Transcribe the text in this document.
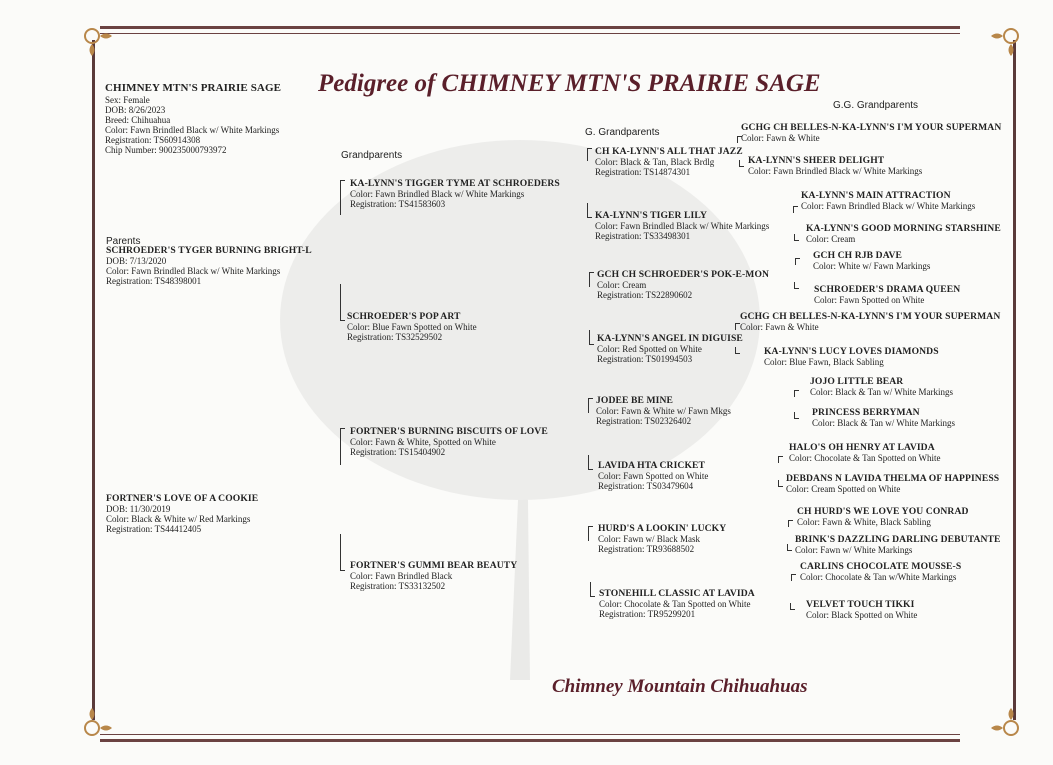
Pedigree of CHIMNEY MTN'S PRAIRIE SAGE
Chimney Mountain Chihuahuas
Parents
Grandparents
G. Grandparents
G.G. Grandparents
CHIMNEY MTN'S PRAIRIE SAGE
Sex: Female
DOB: 8/26/2023
Breed: Chihuahua
Color: Fawn Brindled Black w/ White Markings
Registration: TS60914308
Chip Number: 900235000793972
SCHROEDER'S TYGER BURNING BRIGHT-L
DOB: 7/13/2020
Color: Fawn Brindled Black w/ White Markings
Registration: TS48398001
FORTNER'S LOVE OF A COOKIE
DOB: 11/30/2019
Color: Black & White w/ Red Markings
Registration: TS44412405
KA-LYNN'S TIGGER TYME AT SCHROEDERS
Color: Fawn Brindled Black w/ White Markings
Registration: TS41583603
SCHROEDER'S POP ART
Color: Blue Fawn Spotted on White
Registration: TS32529502
FORTNER'S BURNING BISCUITS OF LOVE
Color: Fawn & White, Spotted on White
Registration: TS15404902
FORTNER'S GUMMI BEAR BEAUTY
Color: Fawn Brindled Black
Registration: TS33132502
CH KA-LYNN'S ALL THAT JAZZ
Color: Black & Tan, Black Brdlg
Registration: TS14874301
KA-LYNN'S TIGER LILY
Color: Fawn Brindled Black w/ White Markings
Registration: TS33498301
GCH CH SCHROEDER'S POK-E-MON
Color: Cream
Registration: TS22890602
KA-LYNN'S ANGEL IN DIGUISE
Color: Red Spotted on White
Registration: TS01994503
JODEE BE MINE
Color: Fawn & White w/ Fawn Mkgs
Registration: TS02326402
LAVIDA HTA CRICKET
Color: Fawn Spotted on White
Registration: TS03479604
HURD'S A LOOKIN' LUCKY
Color: Fawn w/ Black Mask
Registration: TR93688502
STONEHILL CLASSIC AT LAVIDA
Color: Chocolate & Tan Spotted on White
Registration: TR95299201
GCHG CH BELLES-N-KA-LYNN'S I'M YOUR SUPERMAN
Color: Fawn & White
KA-LYNN'S SHEER DELIGHT
Color: Fawn Brindled Black w/ White Markings
KA-LYNN'S MAIN ATTRACTION
Color: Fawn Brindled Black w/ White Markings
KA-LYNN'S GOOD MORNING STARSHINE
Color: Cream
GCH CH RJB DAVE
Color: White w/ Fawn Markings
SCHROEDER'S DRAMA QUEEN
Color: Fawn Spotted on White
GCHG CH BELLES-N-KA-LYNN'S I'M YOUR SUPERMAN
Color: Fawn & White
KA-LYNN'S LUCY LOVES DIAMONDS
Color: Blue Fawn, Black Sabling
JOJO LITTLE BEAR
Color: Black & Tan w/ White Markings
PRINCESS BERRYMAN
Color: Black & Tan w/ White Markings
HALO'S OH HENRY AT LAVIDA
Color: Chocolate & Tan Spotted on White
DEBDANS N LAVIDA THELMA OF HAPPINESS
Color: Cream Spotted on White
CH HURD'S WE LOVE YOU CONRAD
Color: Fawn & White, Black Sabling
BRINK'S DAZZLING DARLING DEBUTANTE
Color: Fawn w/ White Markings
CARLINS CHOCOLATE MOUSSE-S
Color: Chocolate & Tan w/White Markings
VELVET TOUCH TIKKI
Color: Black Spotted on White
